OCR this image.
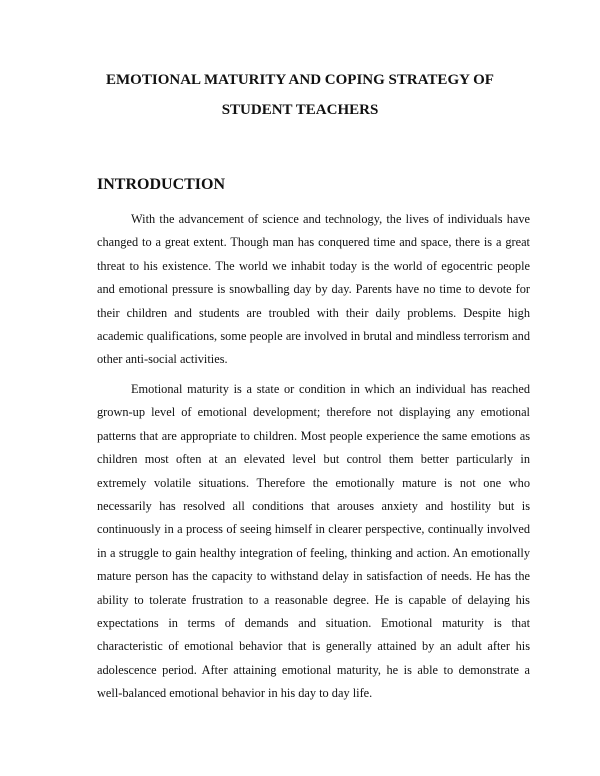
EMOTIONAL MATURITY AND COPING STRATEGY OF
STUDENT TEACHERS
INTRODUCTION

With the advancement of science and technology, the lives of individuals have changed to a great extent. Though man has conquered time and space, there is a great threat to his existence. The world we inhabit today is the world of egocentric people and emotional pressure is snowballing day by day. Parents have no time to devote for their children and students are troubled with their daily problems. Despite high academic qualifications, some people are involved in brutal and mindless terrorism and other anti-social activities.

Emotional maturity is a state or condition in which an individual has reached grown-up level of emotional development; therefore not displaying any emotional patterns that are appropriate to children. Most people experience the same emotions as children most often at an elevated level but control them better particularly in extremely volatile situations. Therefore the emotionally mature is not one who necessarily has resolved all conditions that arouses anxiety and hostility but is continuously in a process of seeing himself in clearer perspective, continually involved in a struggle to gain healthy integration of feeling, thinking and action. An emotionally mature person has the capacity to withstand delay in satisfaction of needs. He has the ability to tolerate frustration to a reasonable degree. He is capable of delaying his expectations in terms of demands and situation. Emotional maturity is that characteristic of emotional behavior that is generally attained by an adult after his adolescence period. After attaining emotional maturity, he is able to demonstrate a well-balanced emotional behavior in his day to day life.
